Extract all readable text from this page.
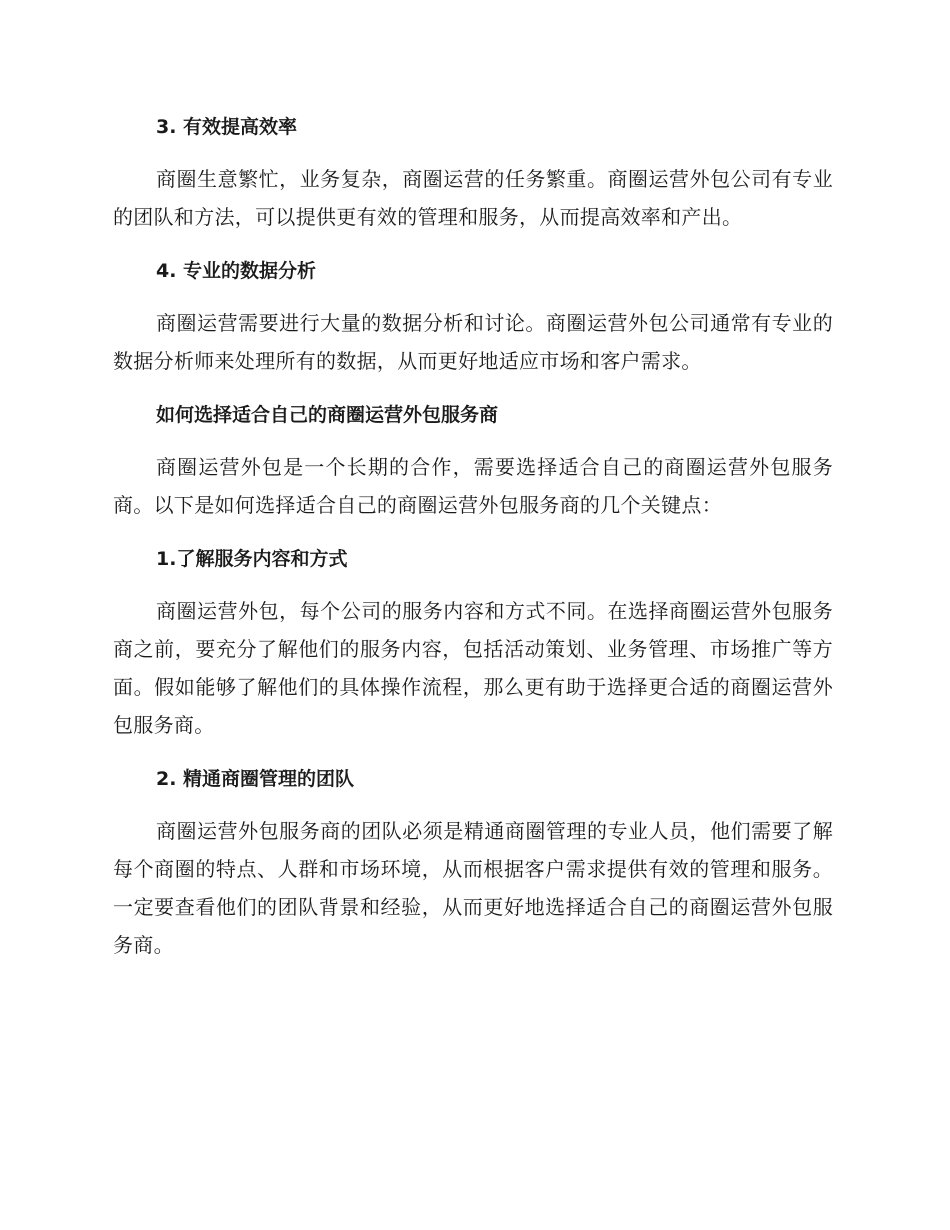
3. 有效提高效率

商圈生意繁忙，业务复杂，商圈运营的任务繁重。商圈运营外包公司有专业的团队和方法，可以提供更有效的管理和服务，从而提高效率和产出。

4. 专业的数据分析

商圈运营需要进行大量的数据分析和讨论。商圈运营外包公司通常有专业的数据分析师来处理所有的数据，从而更好地适应市场和客户需求。

如何选择适合自己的商圈运营外包服务商

商圈运营外包是一个长期的合作，需要选择适合自己的商圈运营外包服务商。以下是如何选择适合自己的商圈运营外包服务商的几个关键点：

1.了解服务内容和方式

商圈运营外包，每个公司的服务内容和方式不同。在选择商圈运营外包服务商之前，要充分了解他们的服务内容，包括活动策划、业务管理、市场推广等方面。假如能够了解他们的具体操作流程，那么更有助于选择更合适的商圈运营外包服务商。

2. 精通商圈管理的团队

商圈运营外包服务商的团队必须是精通商圈管理的专业人员，他们需要了解每个商圈的特点、人群和市场环境，从而根据客户需求提供有效的管理和服务。一定要查看他们的团队背景和经验，从而更好地选择适合自己的商圈运营外包服务商。
